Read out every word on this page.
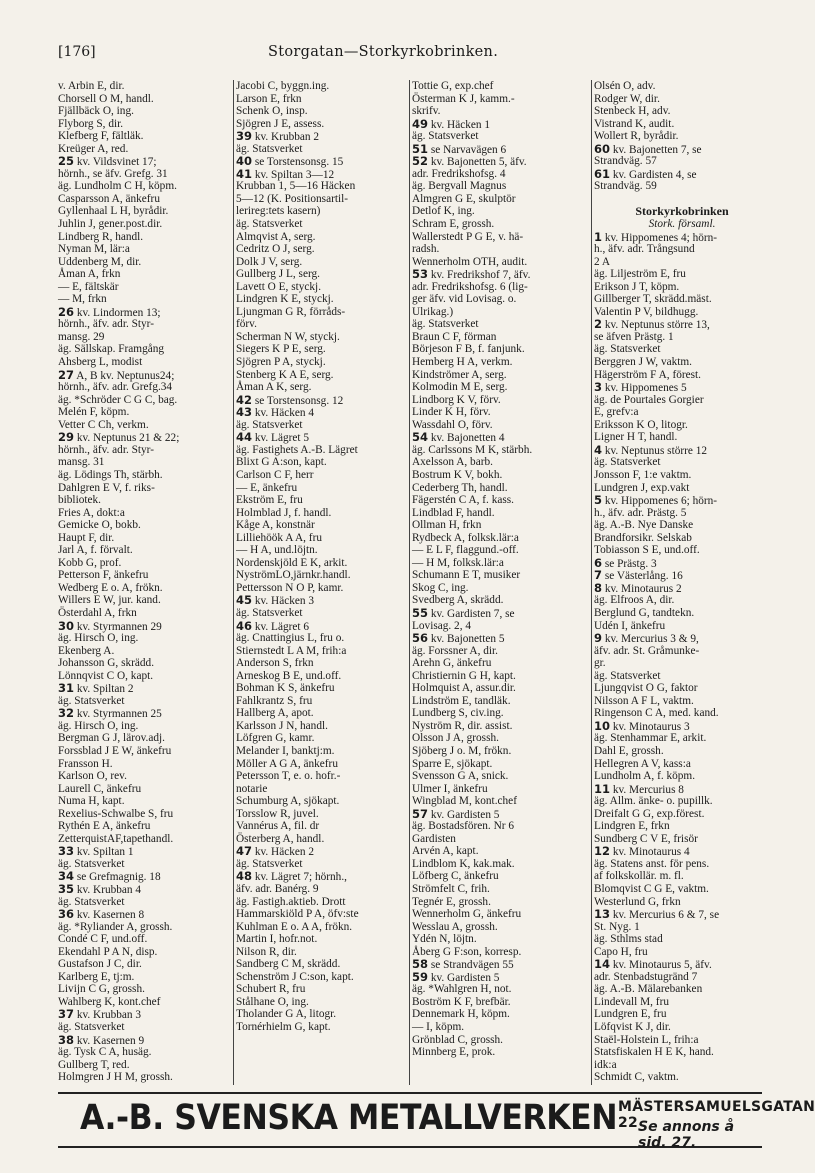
[176]	Storgatan—Storkyrkobrinken.
v. Arbin E, dir.
Chorsell O M, handl.
Fjällbäck O, ing.
Flyborg S, dir.
Klefberg F, fältläk.
Kreüger A, red.
25 kv. Vildsvinet 17;
hörnh., se äfv. Grefg. 31
äg. Lundholm C H, köpm.
Casparsson A, änkefru
Gyllenhaal L H, byrådir.
Juhlin J, gener.post.dir.
Lindberg R, handl.
Nyman M, lär:a
Uddenberg M, dir.
Åman A, frkn
— E, fältskär
— M, frkn
26 kv. Lindormen 13;
hörnh., äfv. adr. Styr-
mansg. 29
äg. Sällskap. Framgång
Ahsberg L, modist
27 A, B kv. Neptunus24;
hörnh., äfv. adr. Grefg.34
äg. *Schröder C G C, bag.
Melén F, köpm.
Vetter C Ch, verkm.
29 kv. Neptunus 21 & 22;
hörnh., äfv. adr. Styr-
mansg. 31
äg. Lödings Th, stärbh.
Dahlgren E V, f. riks-
bibliotek.
Fries A, dokt:a
Gemicke O, bokb.
Haupt F, dir.
Jarl A, f. förvalt.
Kobb G, prof.
Petterson F, änkefru
Wedberg E o. A, frökn.
Willers E W, jur. kand.
Österdahl A, frkn
30 kv. Styrmannen 29
äg. Hirsch O, ing.
Ekenberg A.
Johansson G, skrädd.
Lönnqvist C O, kapt.
31 kv. Spiltan 2
äg. Statsverket
32 kv. Styrmannen 25
äg. Hirsch O, ing.
Bergman G J, lärov.adj.
Forssblad J E W, änkefru
Fransson H.
Karlson O, rev.
Laurell C, änkefru
Numa H, kapt.
Rexelius-Schwalbe S, fru
Rythén E A, änkefru
ZetterquistAF,tapethandl.
33 kv. Spiltan 1
äg. Statsverket
34 se Grefmagnig. 18
35 kv. Krubban 4
äg. Statsverket
36 kv. Kasernen 8
äg. *Ryliander A, grossh.
Condé C F, und.off.
Ekendahl P A N, disp.
Gustafson J C, dir.
Karlberg E, tj:m.
Livijn C G, grossh.
Wahlberg K, kont.chef
37 kv. Krubban 3
äg. Statsverket
38 kv. Kasernen 9
äg. Tysk C A, husäg.
Gullberg T, red.
Holmgren J H M, grossh.
Jacobi C, byggn.ing.
Larson E, frkn
Schenk O, insp.
Sjögren J E, assess.
39 kv. Krubban 2
äg. Statsverket
40 se Torstensonsg. 15
41 kv. Spiltan 3—12
Krubban 1, 5—16 Häcken
5—12 (K. Positionsartil-
lerireg:tets kasern)
äg. Statsverket
Almqvist A, serg.
Cedritz O J, serg.
Dolk J V, serg.
Gullberg J L, serg.
Lavett O E, styckj.
Lindgren K E, styckj.
Ljungman G R, förråds-
förv.
Scherman N W, styckj.
Siegers K P E, serg.
Sjögren P A, styckj.
Stenberg K A E, serg.
Åman A K, serg.
42 se Torstensonsg. 12
43 kv. Häcken 4
äg. Statsverket
44 kv. Lägret 5
äg. Fastighets A.-B. Lägret
Blixt G A:son, kapt.
Carlson C F, herr
— E, änkefru
Ekström E, fru
Holmblad J, f. handl.
Kåge A, konstnär
Lilliehöök A A, fru
— H A, und.löjtn.
Nordenskjöld E K, arkit.
NyströmLO,järnkr.handl.
Pettersson N O P, kamr.
45 kv. Häcken 3
äg. Statsverket
46 kv. Lägret 6
äg. Cnattingius L, fru o.
Stiernstedt L A M, frih:a
Anderson S, frkn
Arneskog B E, und.off.
Bohman K S, änkefru
Fahlkrantz S, fru
Hallberg A, apot.
Karlsson J N, handl.
Löfgren G, kamr.
Melander I, banktj:m.
Möller A G A, änkefru
Petersson T, e. o. hofr.-
notarie
Schumburg A, sjökapt.
Torsslow R, juvel.
Vannérus A, fil. dr
Österberg A, handl.
47 kv. Häcken 2
äg. Statsverket
48 kv. Lägret 7; hörnh.,
äfv. adr. Banérg. 9
äg. Fastigh.aktieb. Drott
Hammarskiöld P A, öfv:ste
Kuhlman E o. A A, frökn.
Martin I, hofr.not.
Nilson R, dir.
Sandberg C M, skrädd.
Schenström J C:son, kapt.
Schubert R, fru
Stålhane O, ing.
Tholander G A, litogr.
Tornérhielm G, kapt.
Tottie G, exp.chef
Österman K J, kamm.-
skrifv.
49 kv. Häcken 1
äg. Statsverket
51 se Narvavägen 6
52 kv. Bajonetten 5, äfv.
adr. Fredrikshofsg. 4
äg. Bergvall Magnus
Almgren G E, skulptör
Detlof K, ing.
Schram E, grossh.
Wallerstedt P G E, v. hä-
radsh.
Wennerholm OTH, audit.
53 kv. Fredrikshof 7, äfv.
adr. Fredrikshofsg. 6 (lig-
ger äfv. vid Lovisag. o.
Ulrikag.)
äg. Statsverket
Braun C F, förman
Börjeson F B, f. fanjunk.
Hemberg H A, verkm.
Kindströmer A, serg.
Kolmodin M E, serg.
Lindborg K V, förv.
Linder K H, förv.
Wassdahl O, förv.
54 kv. Bajonetten 4
äg. Carlssons M K, stärbh.
Axelsson A, barb.
Bostrum K V, bokh.
Cederberg Th, handl.
Fägerstén C A, f. kass.
Lindblad F, handl.
Ollman H, frkn
Rydbeck A, folksk.lär:a
— E L F, flaggund.-off.
— H M, folksk.lär:a
Schumann E T, musiker
Skog C, ing.
Svedberg A, skrädd.
55 kv. Gardisten 7, se
Lovisag. 2, 4
56 kv. Bajonetten 5
äg. Forssner A, dir.
Arehn G, änkefru
Christiernin G H, kapt.
Holmquist A, assur.dir.
Lindström E, tandläk.
Lundberg S, civ.ing.
Nyström R, dir. assist.
Olsson J A, grossh.
Sjöberg J o. M, frökn.
Sparre E, sjökapt.
Svensson G A, snick.
Ulmer I, änkefru
Wingblad M, kont.chef
57 kv. Gardisten 5
äg. Bostadsfören. Nr 6
Gardisten
Arvén A, kapt.
Lindblom K, kak.mak.
Löfberg C, änkefru
Strömfelt C, frih.
Tegnér E, grossh.
Wennerholm G, änkefru
Wesslau A, grossh.
Ydén N, löjtn.
Åberg G F:son, korresp.
58 se Strandvägen 55
59 kv. Gardisten 5
äg. *Wahlgren H, not.
Boström K F, brefbär.
Dennemark H, köpm.
— I, köpm.
Grönblad C, grossh.
Minnberg E, prok.
Olsén O, adv.
Rodger W, dir.
Stenbeck H, adv.
Vistrand K, audit.
Wollert R, byrådir.
60 kv. Bajonetten 7, se
Strandväg. 57
61 kv. Gardisten 4, se
Strandväg. 59

Storkyrkobrinken
Stork. församl.
1 kv. Hippomenes 4; hörn-
h., äfv. adr. Trångsund
2 A
äg. Liljeström E, fru
Erikson J T, köpm.
Gillberger T, skrädd.mäst.
Valentin P V, bildhugg.
2 kv. Neptunus större 13,
se äfven Prästg. 1
äg. Statsverket
Berggren J W, vaktm.
Hägerström F A, förest.
3 kv. Hippomenes 5
äg. de Pourtales Gorgier
E, grefv:a
Eriksson K O, litogr.
Ligner H T, handl.
4 kv. Neptunus större 12
äg. Statsverket
Jonsson F, 1:e vaktm.
Lundgren J, exp.vakt
5 kv. Hippomenes 6; hörn-
h., äfv. adr. Prästg. 5
äg. A.-B. Nye Danske
Brandforsikr. Selskab
Tobiasson S E, und.off.
6 se Prästg. 3
7 se Västerlång. 16
8 kv. Minotaurus 2
äg. Elfroos A, dir.
Berglund G, tandtekn.
Udén I, änkefru
9 kv. Mercurius 3 & 9,
äfv. adr. St. Gråmunke-
gr.
äg. Statsverket
Ljungqvist O G, faktor
Nilsson A F L, vaktm.
Ringenson C A, med. kand.
10 kv. Minotaurus 3
äg. Stenhammar E, arkit.
Dahl E, grossh.
Hellegren A V, kass:a
Lundholm A, f. köpm.
11 kv. Mercurius 8
äg. Allm. änke- o. pupillk.
Dreifalt G G, exp.förest.
Lindgren E, frkn
Sundberg C V E, frisör
12 kv. Minotaurus 4
äg. Statens anst. för pens.
af folkskollär. m. fl.
Blomqvist C G E, vaktm.
Westerlund G, frkn
13 kv. Mercurius 6 & 7, se
St. Nyg. 1
äg. Sthlms stad
Capo H, fru
14 kv. Minotaurus 5, äfv.
adr. Stenbadstugränd 7
äg. A.-B. Mälarebanken
Lindevall M, fru
Lundgren E, fru
Löfqvist K J, dir.
Staël-Holstein L, frih:a
Statsfiskalen H E K, hand.
idk:a
Schmidt C, vaktm.
A.-B. SVENSKA METALLVERKEN MÄSTERSAMUELSGATAN 22 Se annons å sid. 27.
